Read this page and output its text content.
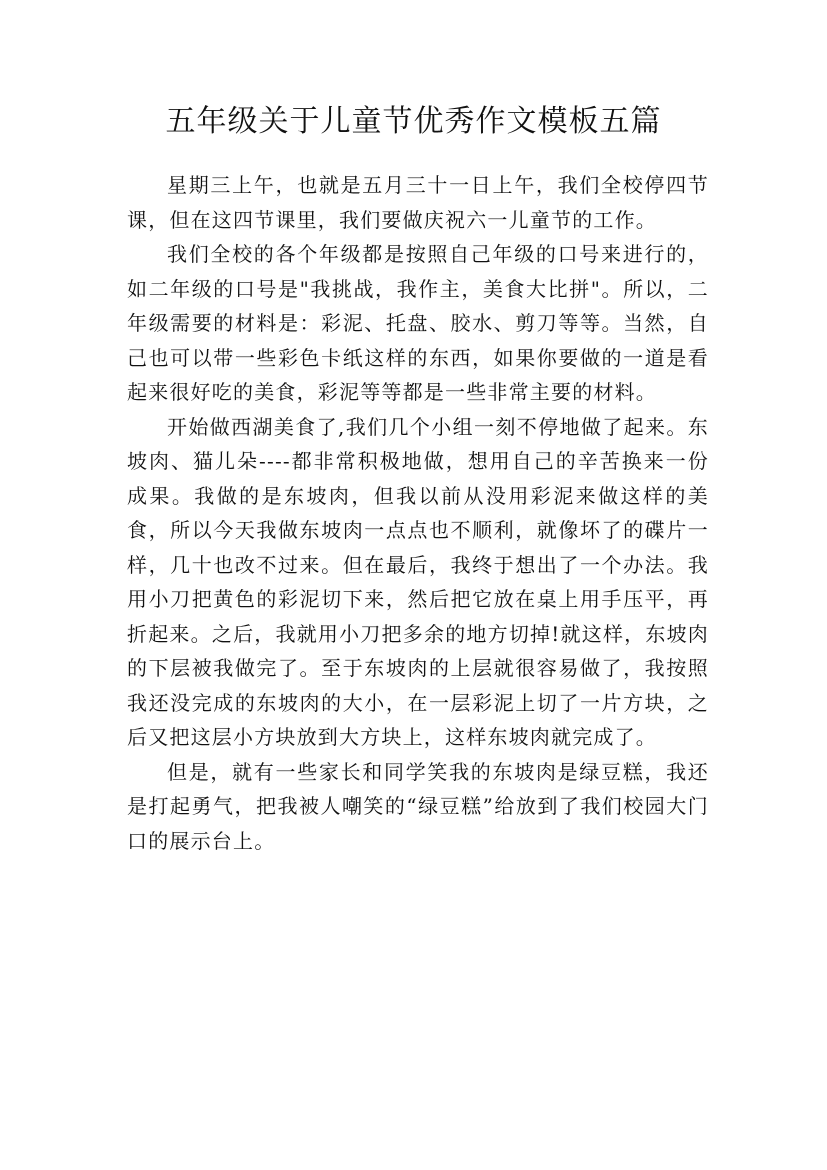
五年级关于儿童节优秀作文模板五篇

星期三上午，也就是五月三十一日上午，我们全校停四节课，但在这四节课里，我们要做庆祝六一儿童节的工作。

我们全校的各个年级都是按照自己年级的口号来进行的，如二年级的口号是"我挑战，我作主，美食大比拼"。所以，二年级需要的材料是：彩泥、托盘、胶水、剪刀等等。当然，自己也可以带一些彩色卡纸这样的东西，如果你要做的一道是看起来很好吃的美食，彩泥等等都是一些非常主要的材料。

开始做西湖美食了,我们几个小组一刻不停地做了起来。东坡肉、猫儿朵----都非常积极地做，想用自己的辛苦换来一份成果。我做的是东坡肉，但我以前从没用彩泥来做这样的美食，所以今天我做东坡肉一点点也不顺利，就像坏了的碟片一样，几十也改不过来。但在最后，我终于想出了一个办法。我用小刀把黄色的彩泥切下来，然后把它放在桌上用手压平，再折起来。之后，我就用小刀把多余的地方切掉!就这样，东坡肉的下层被我做完了。至于东坡肉的上层就很容易做了，我按照我还没完成的东坡肉的大小，在一层彩泥上切了一片方块，之后又把这层小方块放到大方块上，这样东坡肉就完成了。

但是，就有一些家长和同学笑我的东坡肉是绿豆糕，我还是打起勇气，把我被人嘲笑的“绿豆糕”给放到了我们校园大门口的展示台上。
